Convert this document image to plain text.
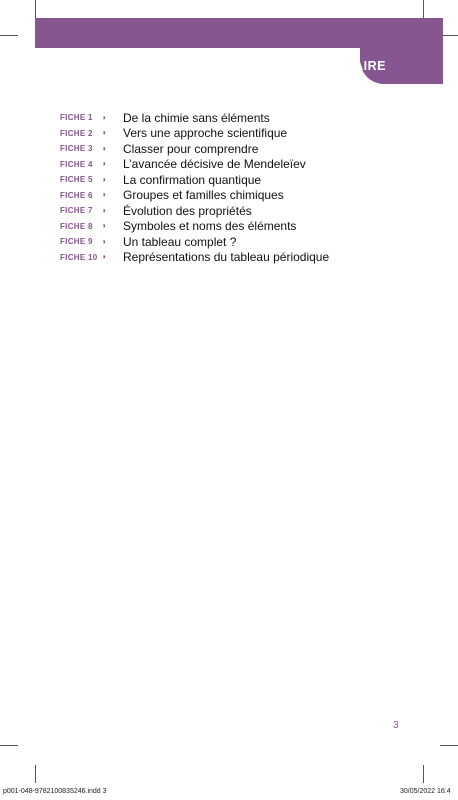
SOMMAIRE
FICHE 1	◗	De la chimie sans éléments
FICHE 2	◗	Vers une approche scientifique
FICHE 3	◗	Classer pour comprendre
FICHE 4	◗	L’avancée décisive de Mendeleïev
FICHE 5	◗	La confirmation quantique
FICHE 6	◗	Groupes et familles chimiques
FICHE 7	◗	Évolution des propriétés
FICHE 8	◗	Symboles et noms des éléments
FICHE 9	◗	Un tableau complet ?
FICHE 10 ◗	Représentations du tableau périodique
3
p001-048-9782100835246.indd 3	30/05/2022 16:4
